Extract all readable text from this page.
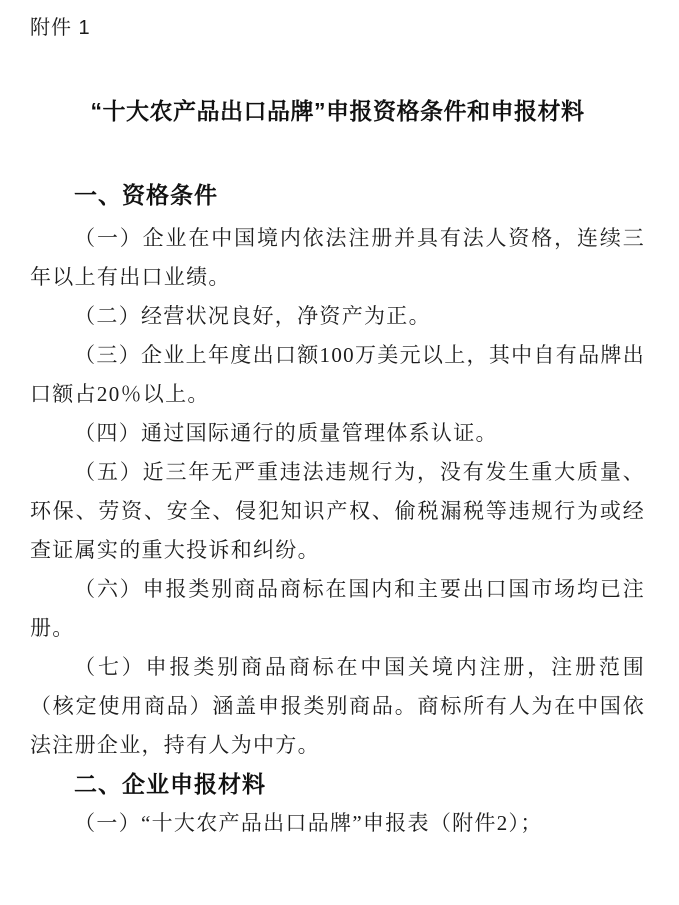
附件 1
“十大农产品出口品牌”申报资格条件和申报材料
一、资格条件

（一）企业在中国境内依法注册并具有法人资格，连续三年以上有出口业绩。

（二）经营状况良好，净资产为正。

（三）企业上年度出口额100万美元以上，其中自有品牌出口额占20％以上。

（四）通过国际通行的质量管理体系认证。

（五）近三年无严重违法违规行为，没有发生重大质量、环保、劳资、安全、侵犯知识产权、偷税漏税等违规行为或经查证属实的重大投诉和纠纷。

（六）申报类别商品商标在国内和主要出口国市场均已注册。

（七）申报类别商品商标在中国关境内注册，注册范围（核定使用商品）涵盖申报类别商品。商标所有人为在中国依法注册企业，持有人为中方。

二、企业申报材料

（一）“十大农产品出口品牌”申报表（附件2）；
